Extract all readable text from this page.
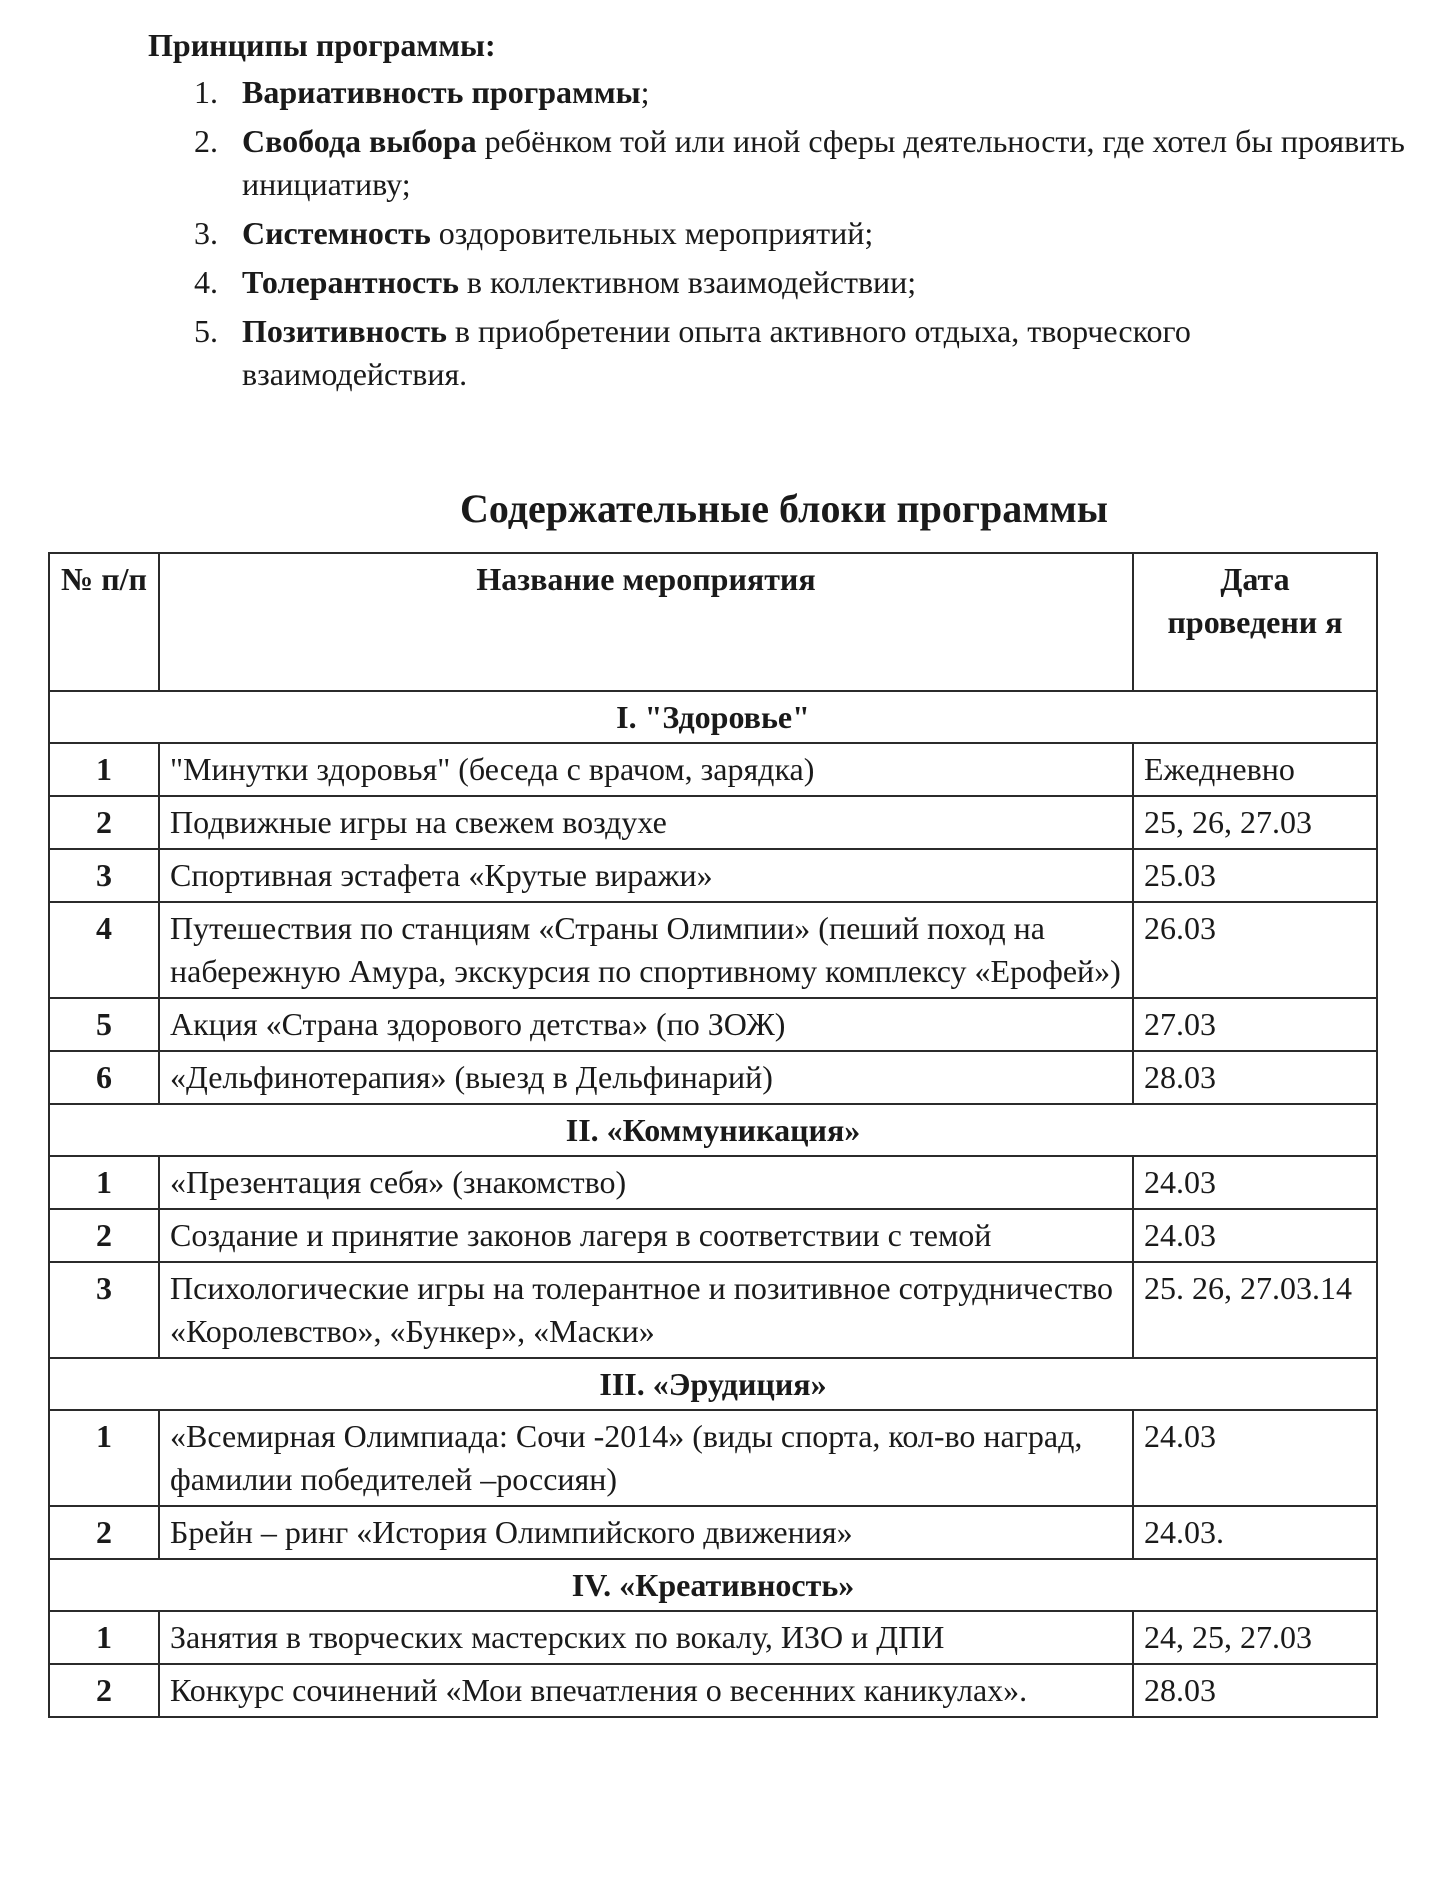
Принципы программы:
1. Вариативность программы;
2. Свобода выбора ребёнком той или иной сферы деятельности, где хотел бы проявить инициативу;
3. Системность оздоровительных мероприятий;
4. Толерантность в коллективном взаимодействии;
5. Позитивность в приобретении опыта активного отдыха, творческого взаимодействия.
Содержательные блоки программы
№ п/п	Название мероприятия	Дата проведени я
I. "Здоровье"		
1	"Минутки здоровья" (беседа с врачом, зарядка)	Ежедневно
2	Подвижные игры на свежем воздухе	25, 26, 27.03
3	Спортивная эстафета «Крутые виражи»	25.03
4	Путешествия по станциям «Страны Олимпии» (пеший поход на набережную Амура, экскурсия по спортивному комплексу «Ерофей»)	26.03
5	Акция «Страна здорового детства» (по ЗОЖ)	27.03
6	«Дельфинотерапия» (выезд в Дельфинарий)	28.03
II. «Коммуникация»		
1	«Презентация себя» (знакомство)	24.03
2	Создание и принятие законов лагеря в соответствии с темой	24.03
3	Психологические игры на толерантное и позитивное сотрудничество «Королевство», «Бункер», «Маски»	25. 26, 27.03.14
III. «Эрудиция»		
1	«Всемирная Олимпиада: Сочи -2014» (виды спорта, кол-во наград, фамилии победителей –россиян)	24.03
2	Брейн – ринг «История Олимпийского движения»	24.03.
IV. «Креативность»		
1	Занятия в творческих мастерских по вокалу, ИЗО и ДПИ	24, 25, 27.03
2	Конкурс сочинений «Мои впечатления о весенних каникулах».	28.03
